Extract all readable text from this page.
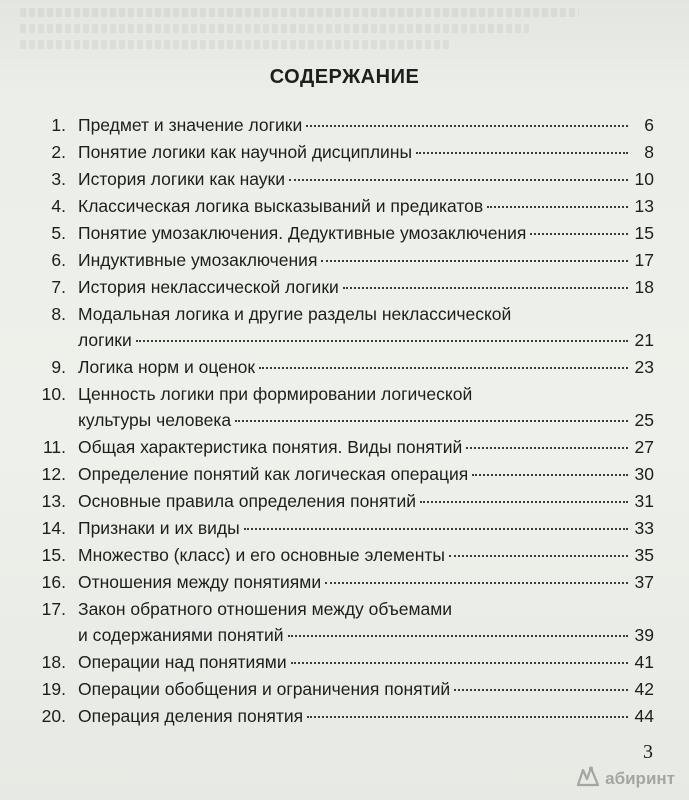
СОДЕРЖАНИЕ
1. Предмет и значение логики	6
2. Понятие логики как научной дисциплины	8
3. История логики как науки	10
4. Классическая логика высказываний и предикатов	13
5. Понятие умозаключения. Дедуктивные умозаключения	15
6. Индуктивные умозаключения	17
7. История неклассической логики	18
8. Модальная логика и другие разделы неклассической
логики	21
9. Логика норм и оценок	23
10. Ценность логики при формировании логической
культуры человека	25
11. Общая характеристика понятия. Виды понятий	27
12. Определение понятий как логическая операция	30
13. Основные правила определения понятий	31
14. Признаки и их виды	33
15. Множество (класс) и его основные элементы	35
16. Отношения между понятиями	37
17. Закон обратного отношения между объемами
и содержаниями понятий	39
18. Операции над понятиями	41
19. Операции обобщения и ограничения понятий	42
20. Операция деления понятия	44
3
абиринт
